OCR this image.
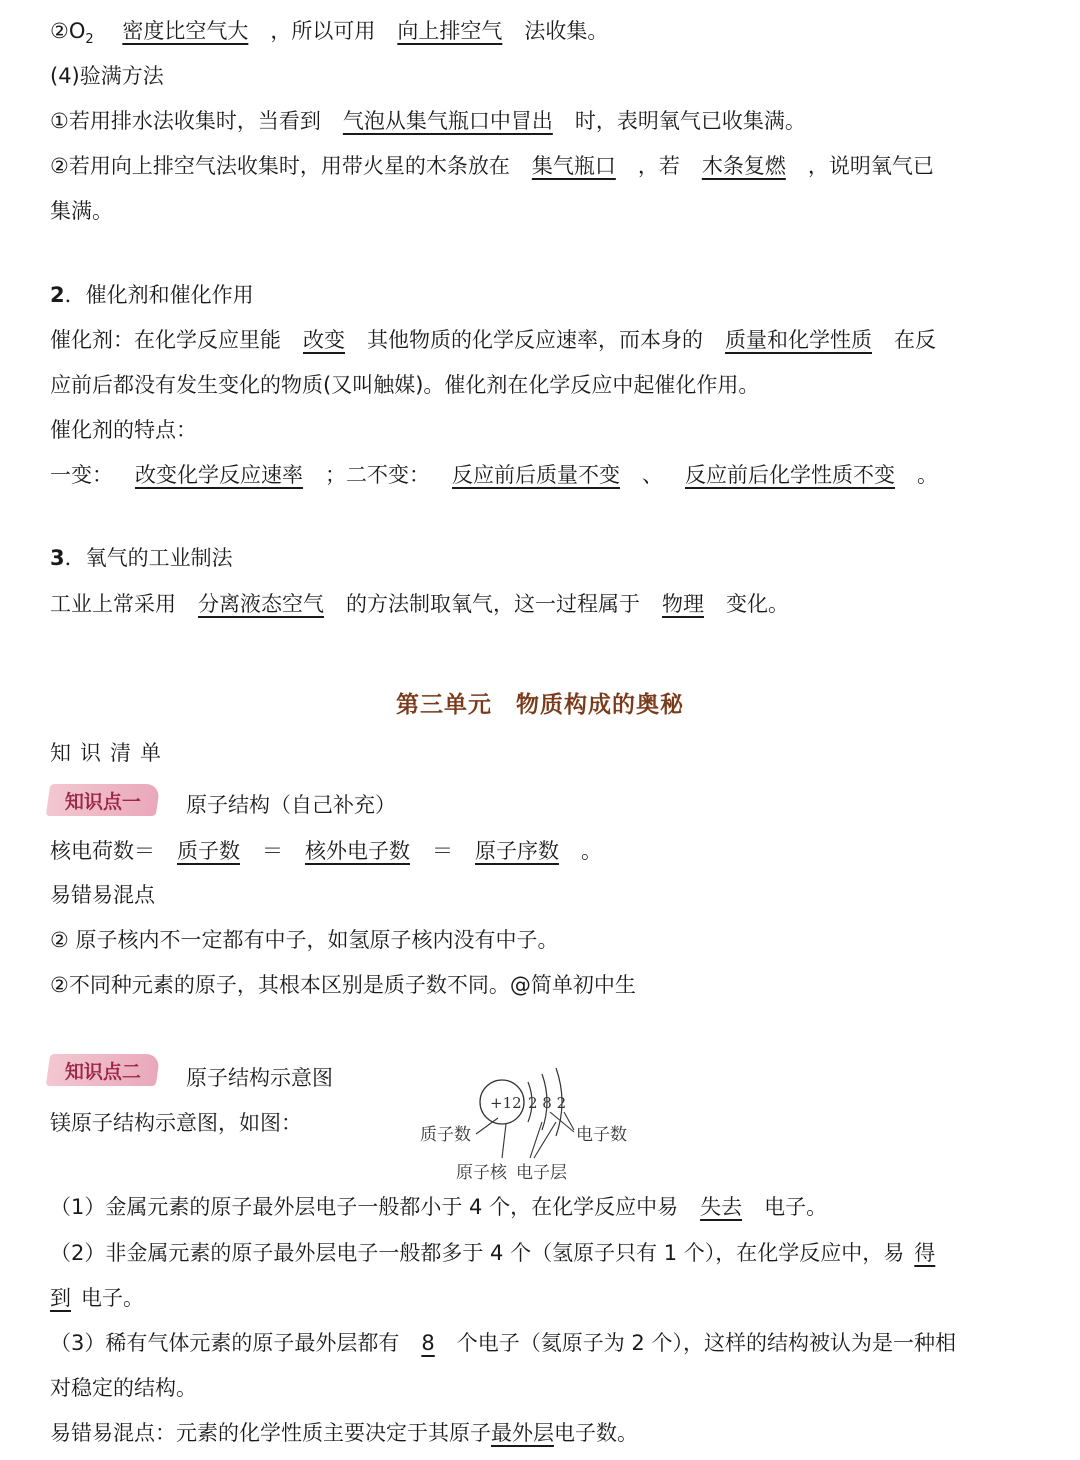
$②O_2$ 密度比空气大 ，所以可用 向上排空气 法收集。
(4)验满方法
①若用排水法收集时，当看到 气泡从集气瓶口中冒出 时，表明氧气已收集满。
②若用向上排空气法收集时，用带火星的木条放在 集气瓶口 ，若 木条复燃 ，说明氧气已
集满。
2．催化剂和催化作用
催化剂：在化学反应里能 改变 其他物质的化学反应速率，而本身的 质量和化学性质 在反
应前后都没有发生变化的物质(又叫触媒)。催化剂在化学反应中起催化作用。
催化剂的特点：
一变： 改变化学反应速率 ；二不变： 反应前后质量不变 、 反应前后化学性质不变 。
3．氧气的工业制法
工业上常采用 分离液态空气 的方法制取氧气，这一过程属于 物理 变化。
第三单元　物质构成的奥秘
知识清单
知识点一 原子结构（自己补充）
核电荷数＝ 质子数 ＝ 核外电子数 ＝ 原子序数 。
易错易混点
② 原子核内不一定都有中子，如氢原子核内没有中子。
②不同种元素的原子，其根本区别是质子数不同。@简单初中生
知识点二 原子结构示意图
镁原子结构示意图，如图：
+12 2 8 2
质子数	电子数
原子核 电子层
（1）金属元素的原子最外层电子一般都小于 4 个，在化学反应中易 失去 电子。
（2）非金属元素的原子最外层电子一般都多于 4 个（氢原子只有 1 个），在化学反应中，易 得
到 电子。
（3）稀有气体元素的原子最外层都有 8 个电子（氦原子为 2 个），这样的结构被认为是一种相
对稳定的结构。
易错易混点：元素的化学性质主要决定于其原子最外层电子数。
